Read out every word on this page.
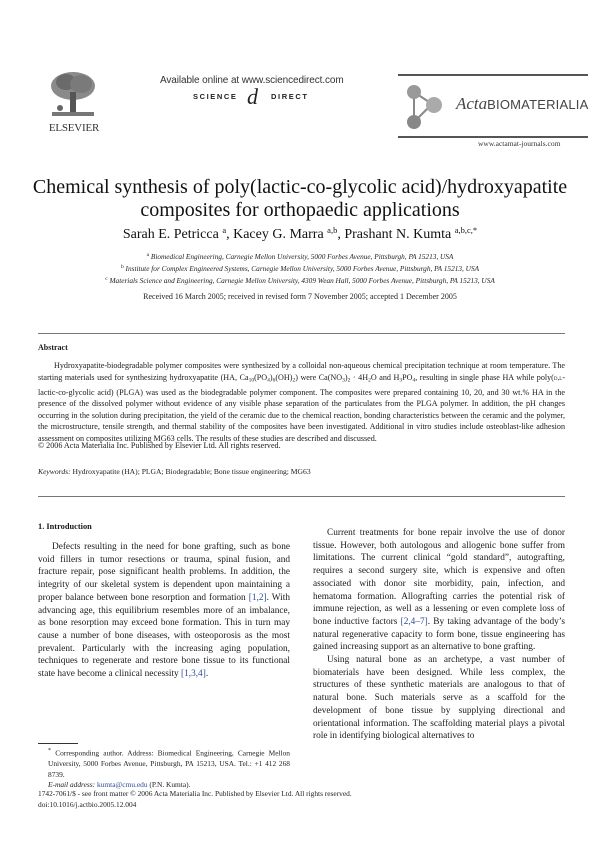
ELSEVIER
Available online at www.sciencedirect.com
SCIENCE d DIRECT	ActaBIOMATERIALIA
www.actamat-journals.com
Chemical synthesis of poly(lactic-co-glycolic acid)/hydroxyapatite
composites for orthopaedic applications
Sarah E. Petricca $^a$, Kacey G. Marra $^{a,b}$, Prashant N. Kumta $^{a,b,c,*}$
$^a$ Biomedical Engineering, Carnegie Mellon University, 5000 Forbes Avenue, Pittsburgh, PA 15213, USA
$^b$ Institute for Complex Engineered Systems, Carnegie Mellon University, 5000 Forbes Avenue, Pittsburgh, PA 15213, USA
$^c$ Materials Science and Engineering, Carnegie Mellon University, 4309 Wean Hall, 5000 Forbes Avenue, Pittsburgh, PA 15213, USA
Received 16 March 2005; received in revised form 7 November 2005; accepted 1 December 2005
Abstract
Hydroxyapatite-biodegradable polymer composites were synthesized by a colloidal non-aqueous chemical precipitation technique at room temperature. The starting materials used for synthesizing hydroxyapatite (HA, $Ca_{10}(PO_4)_6(OH)_2$) were $Ca(NO_3)_2 \cdot 4H_2O$ and $H_3PO_4$, resulting in single phase HA while poly(d,l-lactic-co-glycolic acid) (PLGA) was used as the biodegradable polymer component. The composites were prepared containing 10, 20, and 30 wt.% HA in the presence of the dissolved polymer without evidence of any visible phase separation of the particulates from the PLGA polymer. In addition, the pH changes occurring in the solution during precipitation, the yield of the ceramic due to the chemical reaction, bonding characteristics between the ceramic and the polymer, the microstructure, tensile strength, and thermal stability of the composites have been investigated. Additional in vitro studies include osteoblast-like adhesion assessment on composites utilizing MG63 cells. The results of these studies are described and discussed.
© 2006 Acta Materialia Inc. Published by Elsevier Ltd. All rights reserved.
Keywords: Hydroxyapatite (HA); PLGA; Biodegradable; Bone tissue engineering; MG63
1. Introduction

Defects resulting in the need for bone grafting, such as bone void fillers in tumor resections or trauma, spinal fusion, and fracture repair, pose significant health problems. In addition, the integrity of our skeletal system is dependent upon maintaining a proper balance between bone resorption and formation [1,2]. With advancing age, this equilibrium resembles more of an imbalance, as bone resorption may exceed bone formation. This in turn may cause a number of bone diseases, with osteoporosis as the most prevalent. Particularly with the increasing aging population, techniques to regenerate and restore bone tissue to its functional state have become a clinical necessity [1,3,4].

Current treatments for bone repair involve the use of donor tissue. However, both autologous and allogenic bone suffer from limitations. The current clinical “gold standard”, autografting, requires a second surgery site, which is expensive and often associated with donor site morbidity, pain, infection, and hematoma formation. Allografting carries the potential risk of immune rejection, as well as a lessening or even complete loss of bone inductive factors [2,4–7]. By taking advantage of the body’s natural regenerative capacity to form bone, tissue engineering has gained increasing support as an alternative to bone grafting.

Using natural bone as an archetype, a vast number of biomaterials have been designed. While less complex, the structures of these synthetic materials are analogous to that of natural bone. Such materials serve as a scaffold for the development of bone tissue by supplying directional and orientational information. The scaffolding material plays a pivotal role in identifying biological alternatives to

* Corresponding author. Address: Biomedical Engineering, Carnegie Mellon University, 5000 Forbes Avenue, Pittsburgh, PA 15213, USA. Tel.: +1 412 268 8739.
E-mail address: kumta@cmu.edu (P.N. Kumta).
1742-7061/$ - see front matter © 2006 Acta Materialia Inc. Published by Elsevier Ltd. All rights reserved.
doi:10.1016/j.actbio.2005.12.004
